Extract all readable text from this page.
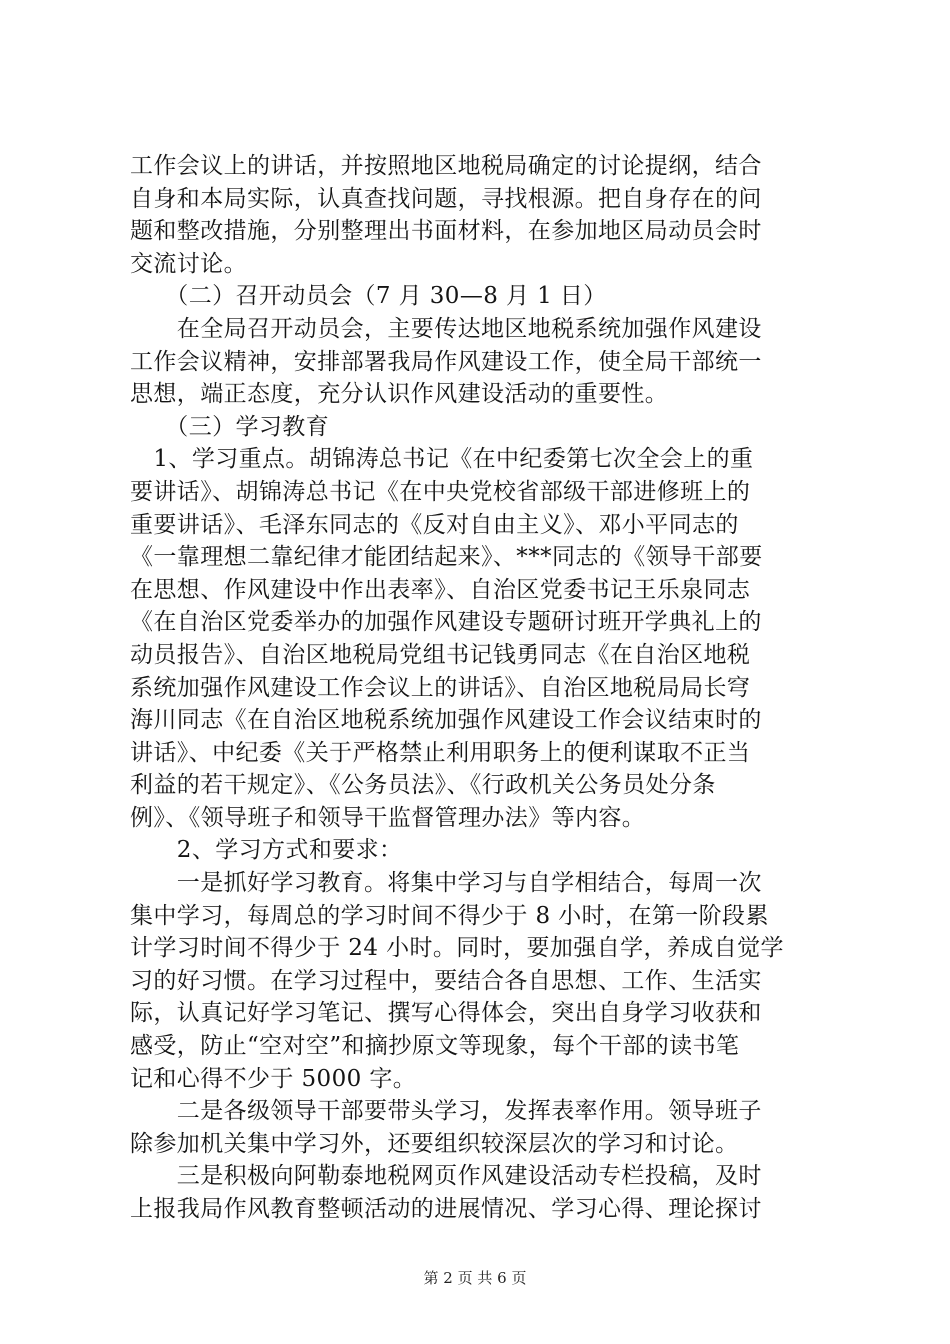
工作会议上的讲话，并按照地区地税局确定的讨论提纲，结合
自身和本局实际，认真查找问题，寻找根源。把自身存在的问
题和整改措施，分别整理出书面材料，在参加地区局动员会时
交流讨论。
　　（二）召开动员会（7 月 30—8 月 1 日）
　　在全局召开动员会，主要传达地区地税系统加强作风建设
工作会议精神，安排部署我局作风建设工作，使全局干部统一
思想，端正态度，充分认识作风建设活动的重要性。
　　（三）学习教育
　1、学习重点。胡锦涛总书记《在中纪委第七次全会上的重
要讲话》、胡锦涛总书记《在中央党校省部级干部进修班上的
重要讲话》、毛泽东同志的《反对自由主义》、邓小平同志的
《一靠理想二靠纪律才能团结起来》、***同志的《领导干部要
在思想、作风建设中作出表率》、自治区党委书记王乐泉同志
《在自治区党委举办的加强作风建设专题研讨班开学典礼上的
动员报告》、自治区地税局党组书记钱勇同志《在自治区地税
系统加强作风建设工作会议上的讲话》、自治区地税局局长穹
海川同志《在自治区地税系统加强作风建设工作会议结束时的
讲话》、中纪委《关于严格禁止利用职务上的便利谋取不正当
利益的若干规定》、《公务员法》、《行政机关公务员处分条
例》、《领导班子和领导干监督管理办法》等内容。
　　2、学习方式和要求：
　　一是抓好学习教育。将集中学习与自学相结合，每周一次
集中学习，每周总的学习时间不得少于 8 小时，在第一阶段累
计学习时间不得少于 24 小时。同时，要加强自学，养成自觉学
习的好习惯。在学习过程中，要结合各自思想、工作、生活实
际，认真记好学习笔记、撰写心得体会，突出自身学习收获和
感受，防止“空对空”和摘抄原文等现象，每个干部的读书笔
记和心得不少于 5000 字。
　　二是各级领导干部要带头学习，发挥表率作用。领导班子
除参加机关集中学习外，还要组织较深层次的学习和讨论。
　　三是积极向阿勒泰地税网页作风建设活动专栏投稿，及时
上报我局作风教育整顿活动的进展情况、学习心得、理论探讨
第 2 页 共 6 页
